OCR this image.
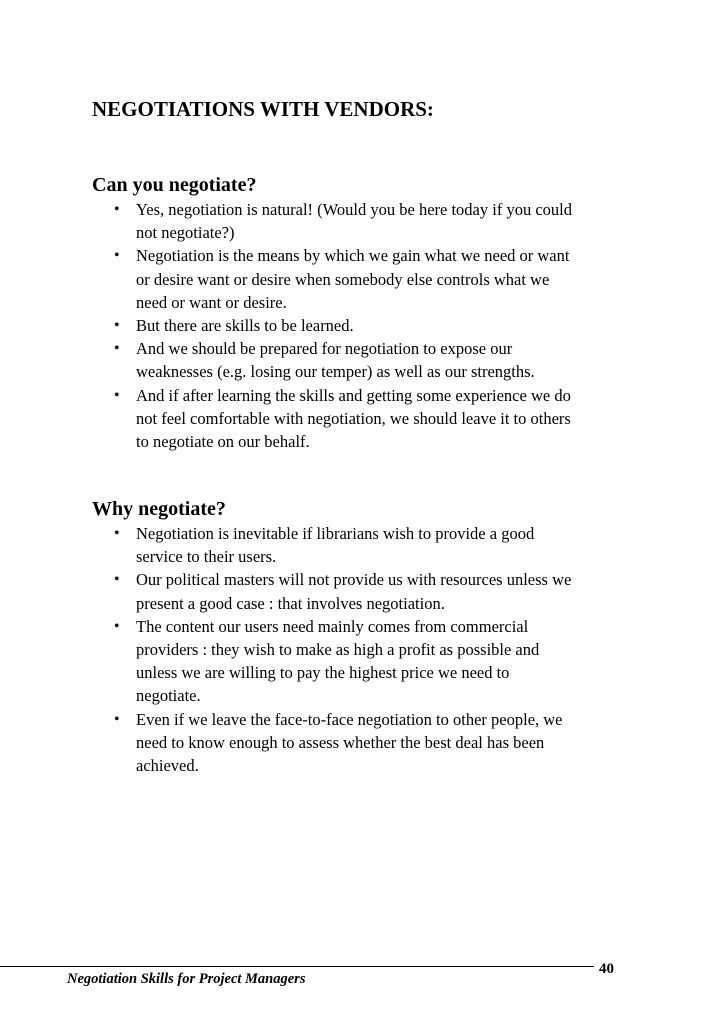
NEGOTIATIONS WITH VENDORS:
Can you negotiate?
• Yes, negotiation is natural! (Would you be here today if you could
not negotiate?)
• Negotiation is the means by which we gain what we need or want
or desire want or desire when somebody else controls what we
need or want or desire.
• But there are skills to be learned.
• And we should be prepared for negotiation to expose our
weaknesses (e.g. losing our temper) as well as our strengths.
• And if after learning the skills and getting some experience we do
not feel comfortable with negotiation, we should leave it to others
to negotiate on our behalf.
Why negotiate?
• Negotiation is inevitable if librarians wish to provide a good
service to their users.
• Our political masters will not provide us with resources unless we
present a good case : that involves negotiation.
• The content our users need mainly comes from commercial
providers : they wish to make as high a profit as possible and
unless we are willing to pay the highest price we need to
negotiate.
• Even if we leave the face-to-face negotiation to other people, we
need to know enough to assess whether the best deal has been
achieved.
Negotiation Skills for Project Managers
40
